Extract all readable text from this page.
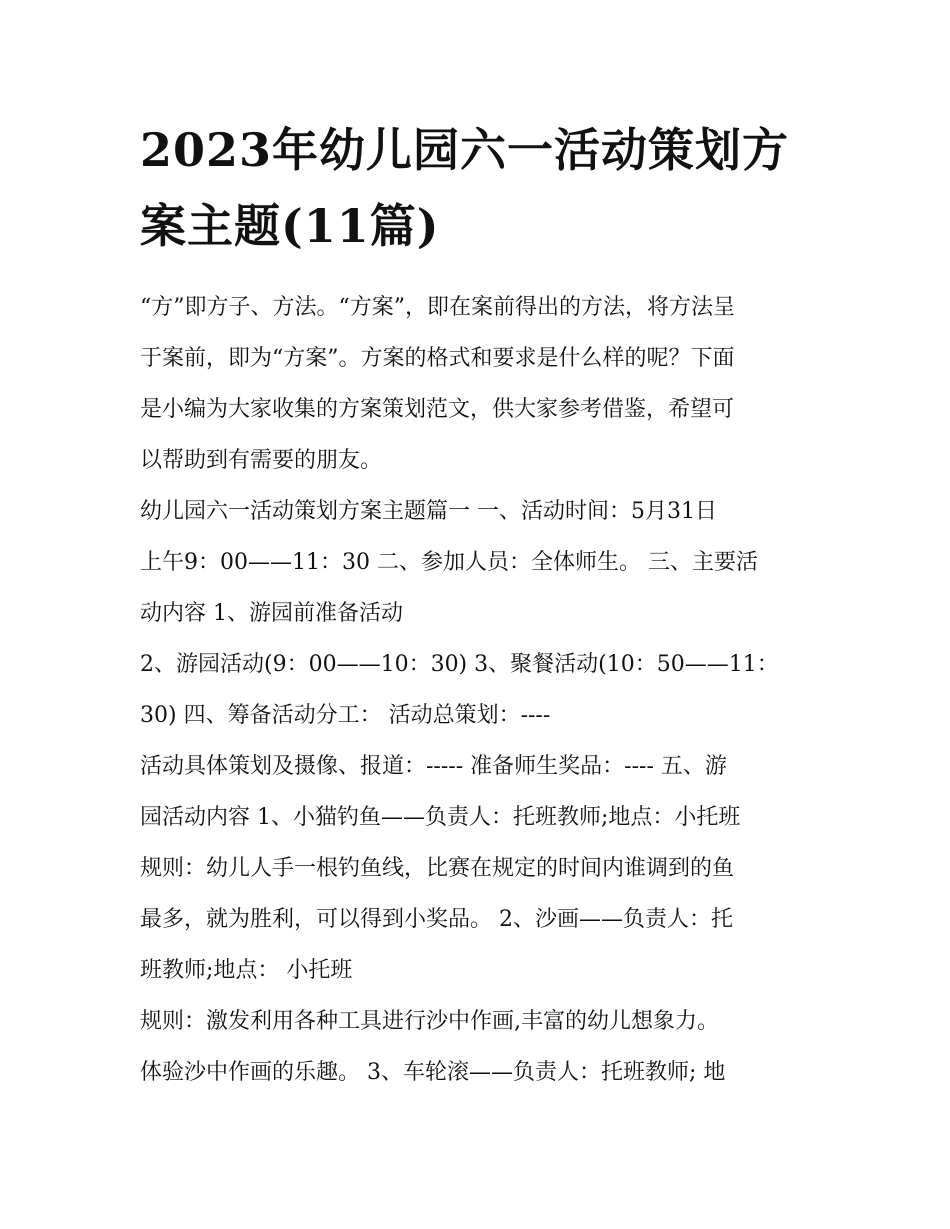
2023年幼儿园六一活动策划方
案主题(11篇)

“方”即方子、方法。“方案”，即在案前得出的方法，将方法呈
于案前，即为“方案”。方案的格式和要求是什么样的呢？下面
是小编为大家收集的方案策划范文，供大家参考借鉴，希望可
以帮助到有需要的朋友。

幼儿园六一活动策划方案主题篇一 一、活动时间：5月31日
上午9：00——11：30 二、参加人员：全体师生。 三、主要活
动内容 1、游园前准备活动

2、游园活动(9：00——10：30) 3、聚餐活动(10：50——11：
30) 四、筹备活动分工： 活动总策划：----

活动具体策划及摄像、报道：----- 准备师生奖品：---- 五、游
园活动内容 1、小猫钓鱼——负责人：托班教师;地点：小托班
规则：幼儿人手一根钓鱼线，比赛在规定的时间内谁调到的鱼
最多，就为胜利，可以得到小奖品。 2、沙画——负责人：托
班教师;地点： 小托班

规则：激发利用各种工具进行沙中作画,丰富的幼儿想象力。
体验沙中作画的乐趣。 3、车轮滚——负责人：托班教师; 地
